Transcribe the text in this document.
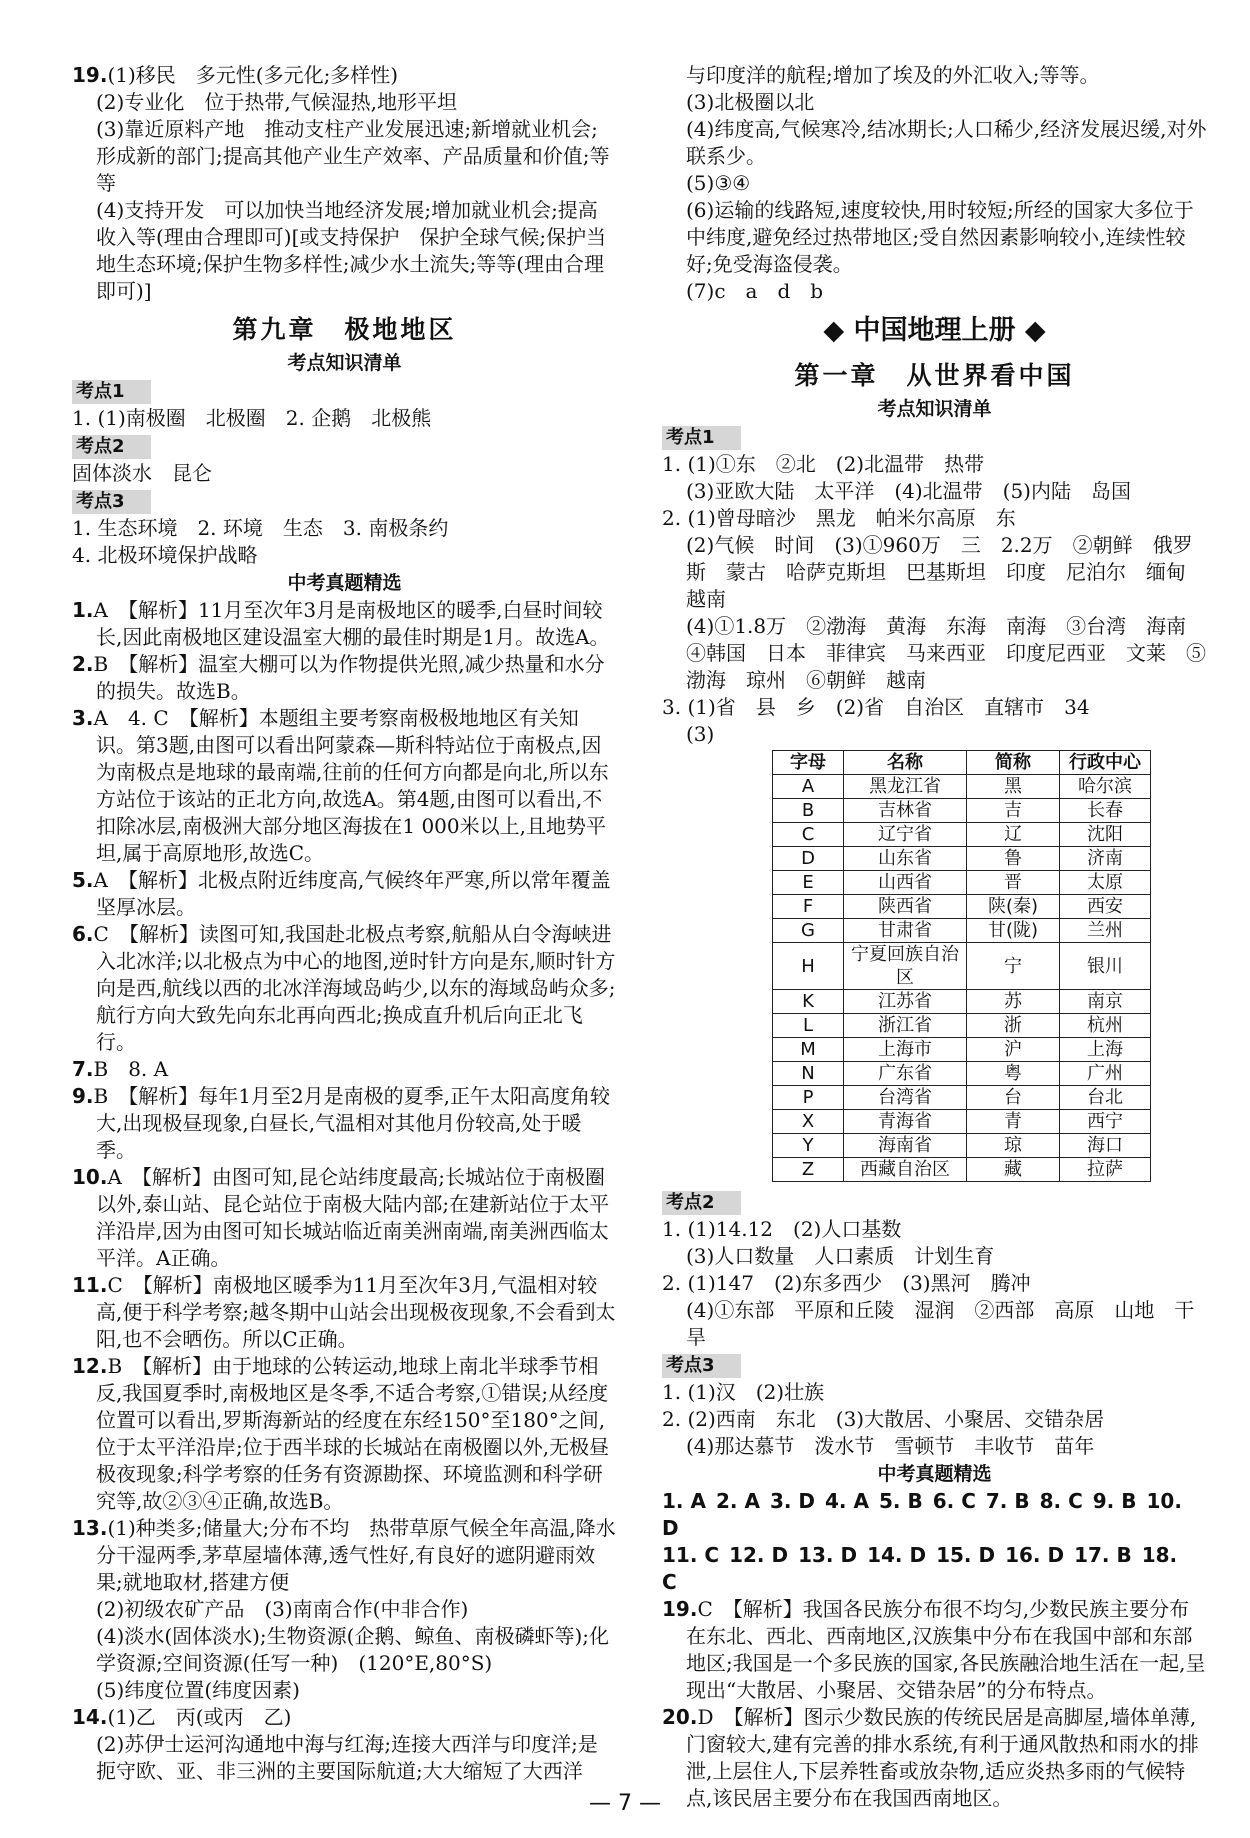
19.(1)移民　多元性(多元化;多样性)

(2)专业化　位于热带,气候湿热,地形平坦

(3)靠近原料产地　推动支柱产业发展迅速;新增就业机会;形成新的部门;提高其他产业生产效率、产品质量和价值;等等

(4)支持开发　可以加快当地经济发展;增加就业机会;提高收入等(理由合理即可)[或支持保护　保护全球气候;保护当地生态环境;保护生物多样性;减少水土流失;等等(理由合理即可)]

第九章　极地地区
考点知识清单
考点1

1. (1)南极圈　北极圈　2. 企鹅　北极熊

考点2

固体淡水　昆仑

考点3

1. 生态环境　2. 环境　生态　3. 南极条约

4. 北极环境保护战略

中考真题精选

1.A　【解析】11月至次年3月是南极地区的暖季,白昼时间较长,因此南极地区建设温室大棚的最佳时期是1月。故选A。

2.B　【解析】温室大棚可以为作物提供光照,减少热量和水分的损失。故选B。

3.A　4. C　【解析】本题组主要考察南极极地地区有关知识。第3题,由图可以看出阿蒙森—斯科特站位于南极点,因为南极点是地球的最南端,往前的任何方向都是向北,所以东方站位于该站的正北方向,故选A。第4题,由图可以看出,不扣除冰层,南极洲大部分地区海拔在1 000米以上,且地势平坦,属于高原地形,故选C。

5.A　【解析】北极点附近纬度高,气候终年严寒,所以常年覆盖坚厚冰层。

6.C　【解析】读图可知,我国赴北极点考察,航船从白令海峡进入北冰洋;以北极点为中心的地图,逆时针方向是东,顺时针方向是西,航线以西的北冰洋海域岛屿少,以东的海域岛屿众多;航行方向大致先向东北再向西北;换成直升机后向正北飞行。

7.B　8. A

9.B　【解析】每年1月至2月是南极的夏季,正午太阳高度角较大,出现极昼现象,白昼长,气温相对其他月份较高,处于暖季。

10.A　【解析】由图可知,昆仑站纬度最高;长城站位于南极圈以外,泰山站、昆仑站位于南极大陆内部;在建新站位于太平洋沿岸,因为由图可知长城站临近南美洲南端,南美洲西临太平洋。A正确。

11.C　【解析】南极地区暖季为11月至次年3月,气温相对较高,便于科学考察;越冬期中山站会出现极夜现象,不会看到太阳,也不会晒伤。所以C正确。

12.B　【解析】由于地球的公转运动,地球上南北半球季节相反,我国夏季时,南极地区是冬季,不适合考察,①错误;从经度位置可以看出,罗斯海新站的经度在东经150°至180°之间,位于太平洋沿岸;位于西半球的长城站在南极圈以外,无极昼极夜现象;科学考察的任务有资源勘探、环境监测和科学研究等,故②③④正确,故选B。

13.(1)种类多;储量大;分布不均　热带草原气候全年高温,降水分干湿两季,茅草屋墙体薄,透气性好,有良好的遮阴避雨效果;就地取材,搭建方便

(2)初级农矿产品　(3)南南合作(中非合作)

(4)淡水(固体淡水);生物资源(企鹅、鲸鱼、南极磷虾等);化学资源;空间资源(任写一种)　(120°E,80°S)

(5)纬度位置(纬度因素)

14.(1)乙　丙(或丙　乙)

(2)苏伊士运河沟通地中海与红海;连接大西洋与印度洋;是扼守欧、亚、非三洲的主要国际航道;大大缩短了大西洋

与印度洋的航程;增加了埃及的外汇收入;等等。

(3)北极圈以北

(4)纬度高,气候寒冷,结冰期长;人口稀少,经济发展迟缓,对外联系少。

(5)③④

(6)运输的线路短,速度较快,用时较短;所经的国家大多位于中纬度,避免经过热带地区;受自然因素影响较小,连续性较好;免受海盗侵袭。

(7)c　a　d　b

◆ 中国地理上册 ◆
第一章　从世界看中国
考点知识清单
考点1

1. (1)①东　②北　(2)北温带　热带

(3)亚欧大陆　太平洋　(4)北温带　(5)内陆　岛国

2. (1)曾母暗沙　黑龙　帕米尔高原　东

(2)气候　时间　(3)①960万　三　2.2万　②朝鲜　俄罗斯　蒙古　哈萨克斯坦　巴基斯坦　印度　尼泊尔　缅甸　越南

(4)①1.8万　②渤海　黄海　东海　南海　③台湾　海南　④韩国　日本　菲律宾　马来西亚　印度尼西亚　文莱　⑤渤海　琼州　⑥朝鲜　越南

3. (1)省　县　乡　(2)省　自治区　直辖市　34

(3)

字母	名称	简称	行政中心
A	黑龙江省	黑	哈尔滨
B	吉林省	吉	长春
C	辽宁省	辽	沈阳
D	山东省	鲁	济南
E	山西省	晋	太原
F	陕西省	陕(秦)	西安
G	甘肃省	甘(陇)	兰州
H	宁夏回族自治区	宁	银川
K	江苏省	苏	南京
L	浙江省	浙	杭州
M	上海市	沪	上海
N	广东省	粤	广州
P	台湾省	台	台北
X	青海省	青	西宁
Y	海南省	琼	海口
Z	西藏自治区	藏	拉萨
考点2

1. (1)14.12　(2)人口基数

(3)人口数量　人口素质　计划生育

2. (1)147　(2)东多西少　(3)黑河　腾冲

(4)①东部　平原和丘陵　湿润　②西部　高原　山地　干旱

考点3

1. (1)汉　(2)壮族

2. (2)西南　东北　(3)大散居、小聚居、交错杂居

(4)那达慕节　泼水节　雪顿节　丰收节　苗年

中考真题精选

1. A 2. A 3. D 4. A 5. B 6. C 7. B 8. C 9. B 10. D

11. C 12. D 13. D 14. D 15. D 16. D 17. B 18. C

19.C　【解析】我国各民族分布很不均匀,少数民族主要分布在东北、西北、西南地区,汉族集中分布在我国中部和东部地区;我国是一个多民族的国家,各民族融洽地生活在一起,呈现出“大散居、小聚居、交错杂居”的分布特点。

20.D　【解析】图示少数民族的传统民居是高脚屋,墙体单薄,门窗较大,建有完善的排水系统,有利于通风散热和雨水的排泄,上层住人,下层养牲畜或放杂物,适应炎热多雨的气候特点,该民居主要分布在我国西南地区。

— 7 —
